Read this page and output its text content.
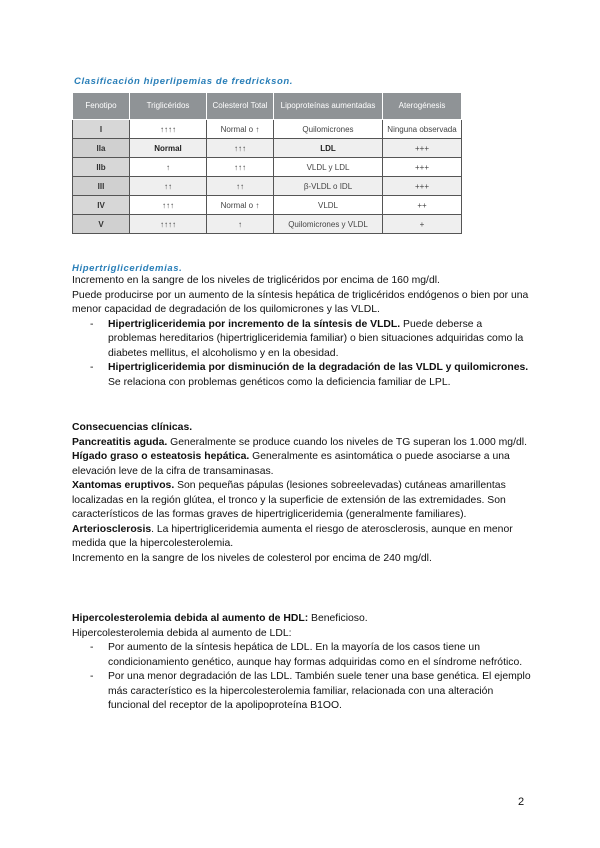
Clasificación hiperlipemias de fredrickson.
Fenotipo	Triglicéridos	Colesterol Total	Lipoproteínas aumentadas	Aterogénesis
I	↑↑↑↑	Normal o ↑	Quilomicrones	Ninguna observada
IIa	Normal	↑↑↑	LDL	+++
IIb	↑	↑↑↑	VLDL y LDL	+++
III	↑↑	↑↑	β-VLDL o IDL	+++
IV	↑↑↑	Normal o ↑	VLDL	++
V	↑↑↑↑	↑	Quilomicrones y VLDL	+
Hipertrigliceridemias.

Incremento en la sangre de los niveles de triglicéridos por encima de 160 mg/dl.

Puede producirse por un aumento de la síntesis hepática de triglicéridos endógenos o bien por una menor capacidad de degradación de los quilomicrones y las VLDL.

- Hipertrigliceridemia por incremento de la síntesis de VLDL. Puede deberse a problemas hereditarios (hipertrigliceridemia familiar) o bien situaciones adquiridas como la diabetes mellitus, el alcoholismo y en la obesidad.

- Hipertrigliceridemia por disminución de la degradación de las VLDL y quilomicrones. Se relaciona con problemas genéticos como la deficiencia familiar de LPL.

Consecuencias clínicas.

Pancreatitis aguda. Generalmente se produce cuando los niveles de TG superan los 1.000 mg/dl.

Hígado graso o esteatosis hepática. Generalmente es asintomática o puede asociarse a una elevación leve de la cifra de transaminasas.

Xantomas eruptivos. Son pequeñas pápulas (lesiones sobreelevadas) cutáneas amarillentas localizadas en la región glútea, el tronco y la superficie de extensión de las extremidades. Son característicos de las formas graves de hipertrigliceridemia (generalmente familiares).

Arteriosclerosis. La hipertrigliceridemia aumenta el riesgo de aterosclerosis, aunque en menor medida que la hipercolesterolemia.

Incremento en la sangre de los niveles de colesterol por encima de 240 mg/dl.

Hipercolesterolemia debida al aumento de HDL: Beneficioso.

Hipercolesterolemia debida al aumento de LDL:

- Por aumento de la síntesis hepática de LDL. En la mayoría de los casos tiene un condicionamiento genético, aunque hay formas adquiridas como en el síndrome nefrótico.

- Por una menor degradación de las LDL. También suele tener una base genética. El ejemplo más característico es la hipercolesterolemia familiar, relacionada con una alteración funcional del receptor de la apolipoproteína B1OO.

2
